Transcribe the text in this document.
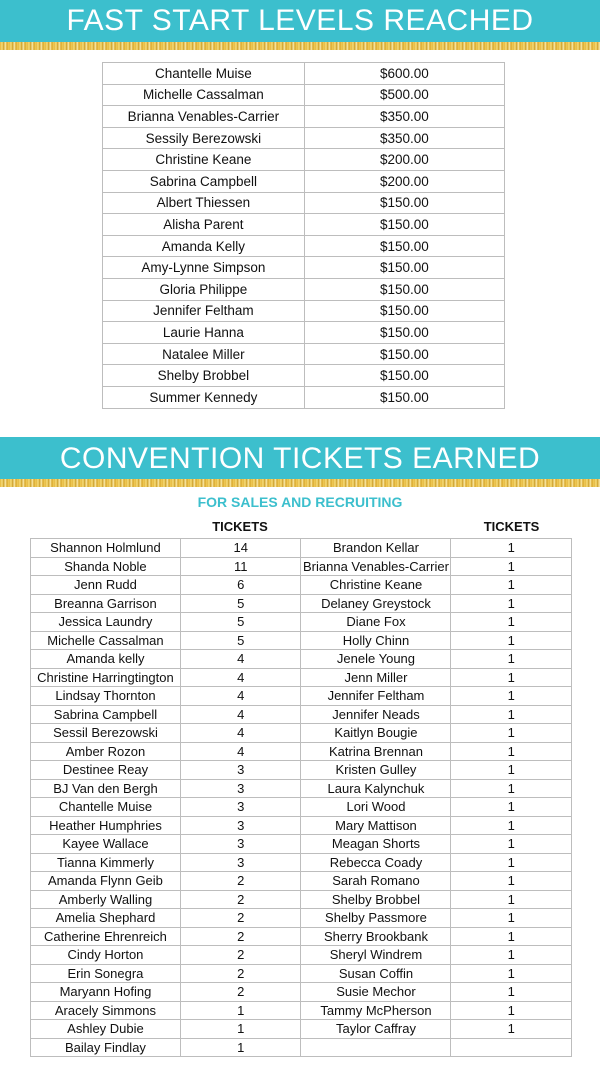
FAST START LEVELS REACHED
Chantelle Muise	$600.00
Michelle Cassalman	$500.00
Brianna Venables-Carrier	$350.00
Sessily Berezowski	$350.00
Christine Keane	$200.00
Sabrina Campbell	$200.00
Albert Thiessen	$150.00
Alisha Parent	$150.00
Amanda Kelly	$150.00
Amy-Lynne Simpson	$150.00
Gloria Philippe	$150.00
Jennifer Feltham	$150.00
Laurie Hanna	$150.00
Natalee Miller	$150.00
Shelby Brobbel	$150.00
Summer Kennedy	$150.00
CONVENTION TICKETS EARNED
FOR SALES AND RECRUITING
TICKETS	TICKETS
Shannon Holmlund	14	Brandon Kellar	1
Shanda Noble	11	Brianna Venables-Carrier	1
Jenn Rudd	6	Christine Keane	1
Breanna Garrison	5	Delaney Greystock	1
Jessica Laundry	5	Diane Fox	1
Michelle Cassalman	5	Holly Chinn	1
Amanda kelly	4	Jenele Young	1
Christine Harringtington	4	Jenn Miller	1
Lindsay Thornton	4	Jennifer Feltham	1
Sabrina Campbell	4	Jennifer Neads	1
Sessil Berezowski	4	Kaitlyn Bougie	1
Amber Rozon	4	Katrina Brennan	1
Destinee Reay	3	Kristen Gulley	1
BJ Van den Bergh	3	Laura Kalynchuk	1
Chantelle Muise	3	Lori Wood	1
Heather Humphries	3	Mary Mattison	1
Kayee Wallace	3	Meagan Shorts	1
Tianna Kimmerly	3	Rebecca Coady	1
Amanda Flynn Geib	2	Sarah Romano	1
Amberly Walling	2	Shelby Brobbel	1
Amelia Shephard	2	Shelby Passmore	1
Catherine Ehrenreich	2	Sherry Brookbank	1
Cindy Horton	2	Sheryl Windrem	1
Erin Sonegra	2	Susan Coffin	1
Maryann Hofing	2	Susie Mechor	1
Aracely Simmons	1	Tammy McPherson	1
Ashley Dubie	1	Taylor Caffray	1
Bailay Findlay	1		
